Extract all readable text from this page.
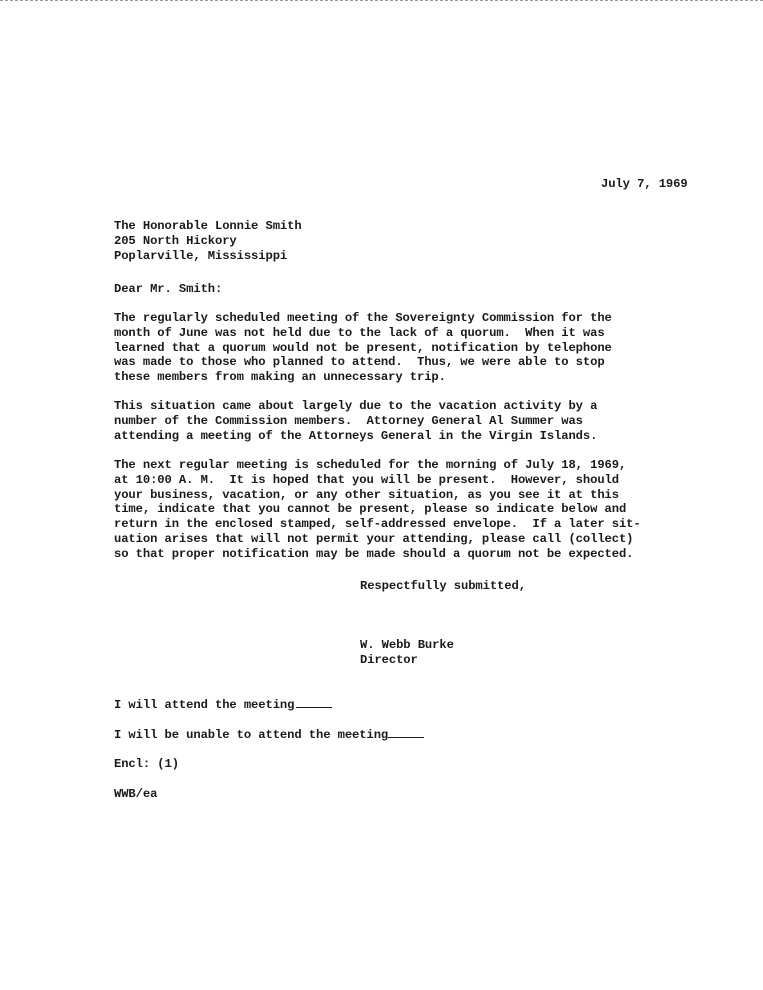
July 7, 1969
The Honorable Lonnie Smith
205 North Hickory
Poplarville, Mississippi
Dear Mr. Smith:
The regularly scheduled meeting of the Sovereignty Commission for the
month of June was not held due to the lack of a quorum.  When it was
learned that a quorum would not be present, notification by telephone
was made to those who planned to attend.  Thus, we were able to stop
these members from making an unnecessary trip.
This situation came about largely due to the vacation activity by a
number of the Commission members.  Attorney General Al Summer was
attending a meeting of the Attorneys General in the Virgin Islands.
The next regular meeting is scheduled for the morning of July 18, 1969,
at 10:00 A. M.  It is hoped that you will be present.  However, should
your business, vacation, or any other situation, as you see it at this
time, indicate that you cannot be present, please so indicate below and
return in the enclosed stamped, self-addressed envelope.  If a later sit-
uation arises that will not permit your attending, please call (collect)
so that proper notification may be made should a quorum not be expected.
Respectfully submitted,
W. Webb Burke
Director
I will attend the meeting
I will be unable to attend the meeting
Encl: (1)
WWB/ea
